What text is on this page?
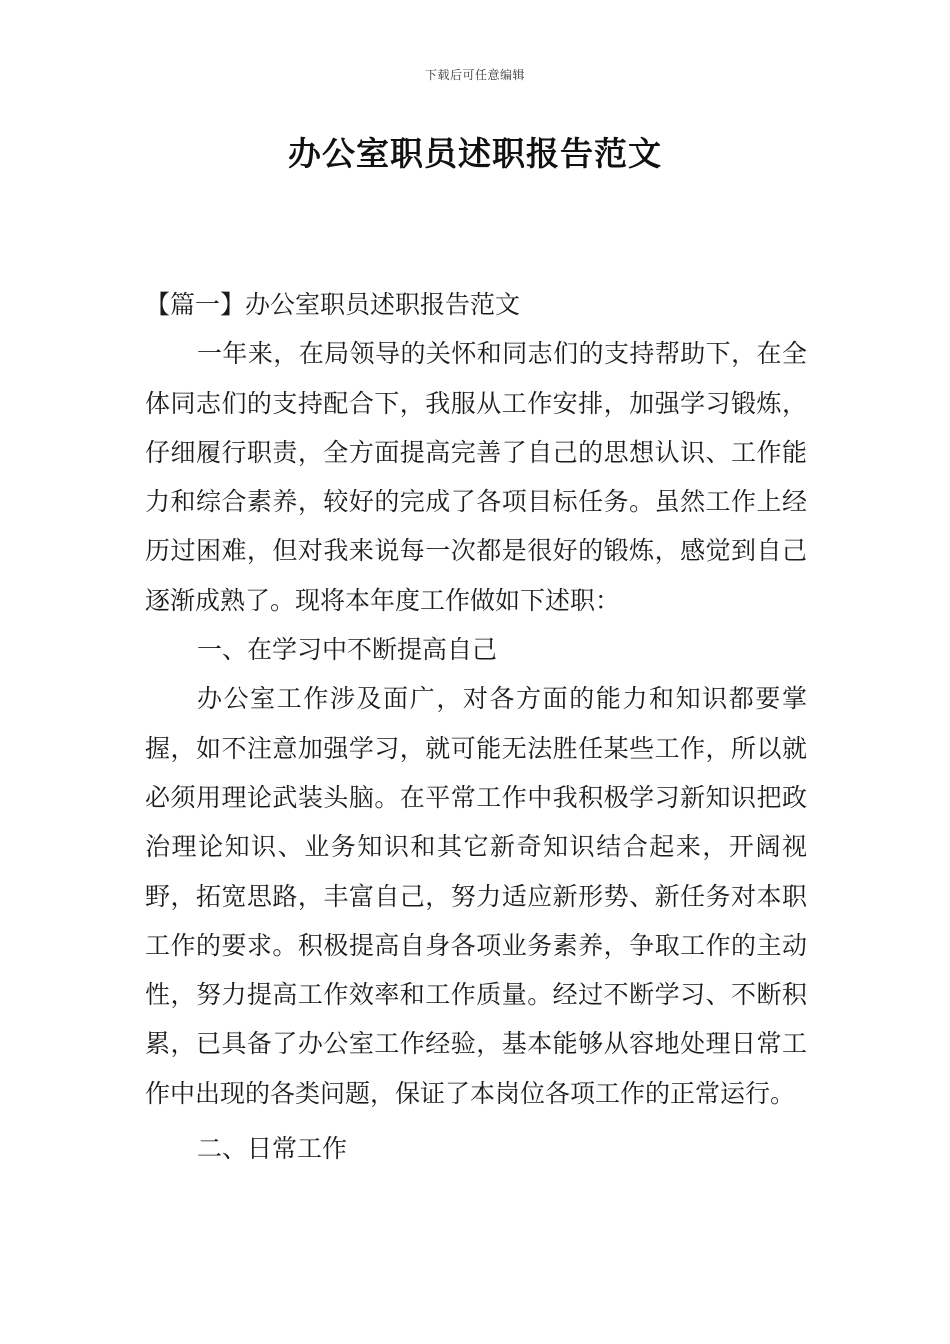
下载后可任意编辑
办公室职员述职报告范文

【篇一】办公室职员述职报告范文

一年来，在局领导的关怀和同志们的支持帮助下，在全体同志们的支持配合下，我服从工作安排，加强学习锻炼，仔细履行职责，全方面提高完善了自己的思想认识、工作能力和综合素养，较好的完成了各项目标任务。虽然工作上经历过困难，但对我来说每一次都是很好的锻炼，感觉到自己逐渐成熟了。现将本年度工作做如下述职：

一、在学习中不断提高自己

办公室工作涉及面广，对各方面的能力和知识都要掌握，如不注意加强学习，就可能无法胜任某些工作，所以就必须用理论武装头脑。在平常工作中我积极学习新知识把政治理论知识、业务知识和其它新奇知识结合起来，开阔视野，拓宽思路，丰富自己，努力适应新形势、新任务对本职工作的要求。积极提高自身各项业务素养，争取工作的主动性，努力提高工作效率和工作质量。经过不断学习、不断积累，已具备了办公室工作经验，基本能够从容地处理日常工作中出现的各类问题，保证了本岗位各项工作的正常运行。

二、日常工作
